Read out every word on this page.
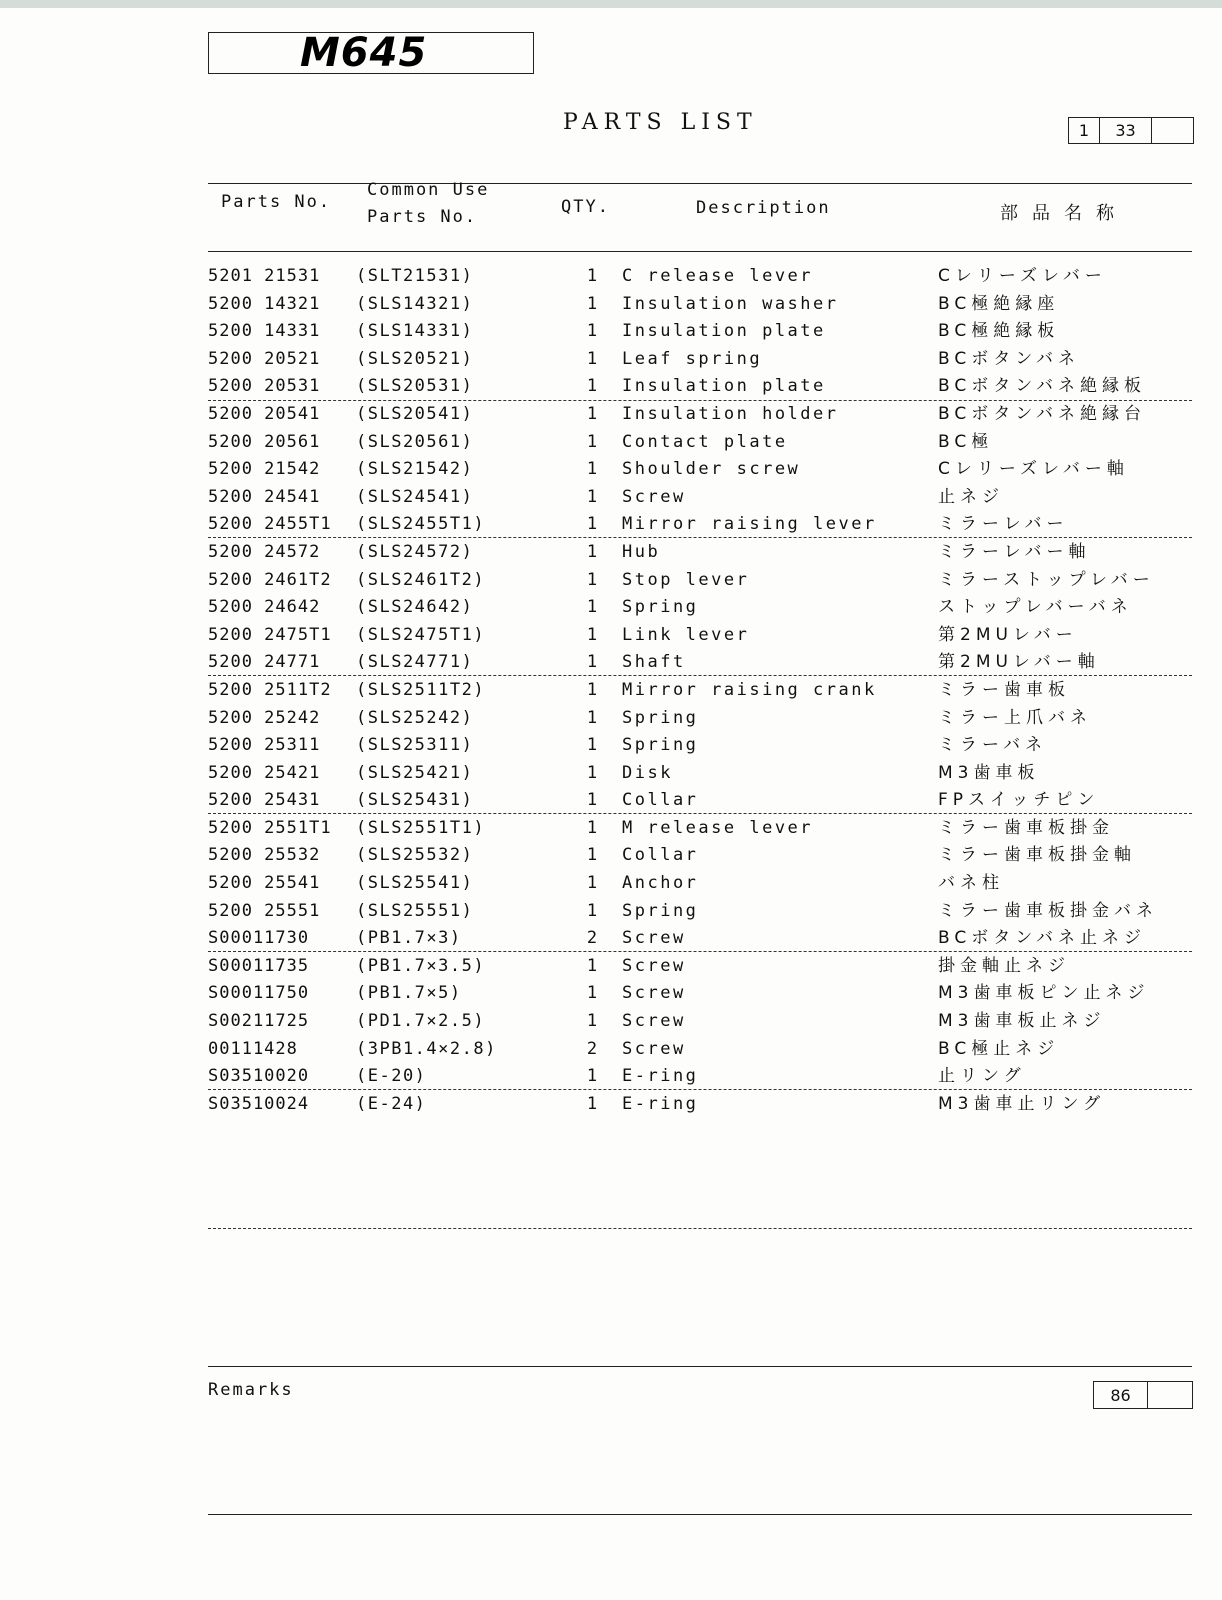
M645
PARTS LIST	1	33
Parts No.
Common Use
Parts No.	QTY.	Description	部品名称
5201 21531 (SLT21531)	1 C release lever	Cレリーズレバー
5200 14321 (SLS14321)	1 Insulation washer	BC極絶縁座
5200 14331 (SLS14331)	1 Insulation plate	BC極絶縁板
5200 20521 (SLS20521)	1 Leaf spring	BCボタンバネ
5200 20531 (SLS20531)	1 Insulation plate	BCボタンバネ絶縁板
5200 20541 (SLS20541)	1 Insulation holder	BCボタンバネ絶縁台
5200 20561 (SLS20561)	1 Contact plate	BC極
5200 21542 (SLS21542)	1 Shoulder screw	Cレリーズレバー軸
5200 24541 (SLS24541)	1 Screw	止ネジ
5200 2455T1 (SLS2455T1)	1 Mirror raising lever	ミラーレバー
5200 24572 (SLS24572)	1 Hub	ミラーレバー軸
5200 2461T2 (SLS2461T2)	1 Stop lever	ミラーストップレバー
5200 24642 (SLS24642)	1 Spring	ストップレバーバネ
5200 2475T1 (SLS2475T1)	1 Link lever	第2MUレバー
5200 24771 (SLS24771)	1 Shaft	第2MUレバー軸
5200 2511T2 (SLS2511T2)	1 Mirror raising crank	ミラー歯車板
5200 25242 (SLS25242)	1 Spring	ミラー上爪バネ
5200 25311 (SLS25311)	1 Spring	ミラーバネ
5200 25421 (SLS25421)	1 Disk	M3歯車板
5200 25431 (SLS25431)	1 Collar	FPスイッチピン
5200 2551T1 (SLS2551T1)	1 M release lever	ミラー歯車板掛金
5200 25532 (SLS25532)	1 Collar	ミラー歯車板掛金軸
5200 25541 (SLS25541)	1 Anchor	バネ柱
5200 25551 (SLS25551)	1 Spring	ミラー歯車板掛金バネ
S00011730	(PB1.7×3)	2 Screw	BCボタンバネ止ネジ
S00011735	(PB1.7×3.5)	1 Screw	掛金軸止ネジ
S00011750	(PB1.7×5)	1 Screw	M3歯車板ピン止ネジ
S00211725	(PD1.7×2.5)	1 Screw	M3歯車板止ネジ
00111428	(3PB1.4×2.8)	2 Screw	BC極止ネジ
S03510020	(E-20)	1 E-ring	止リング
S03510024	(E-24)	1 E-ring	M3歯車止リング
Remarks	86
